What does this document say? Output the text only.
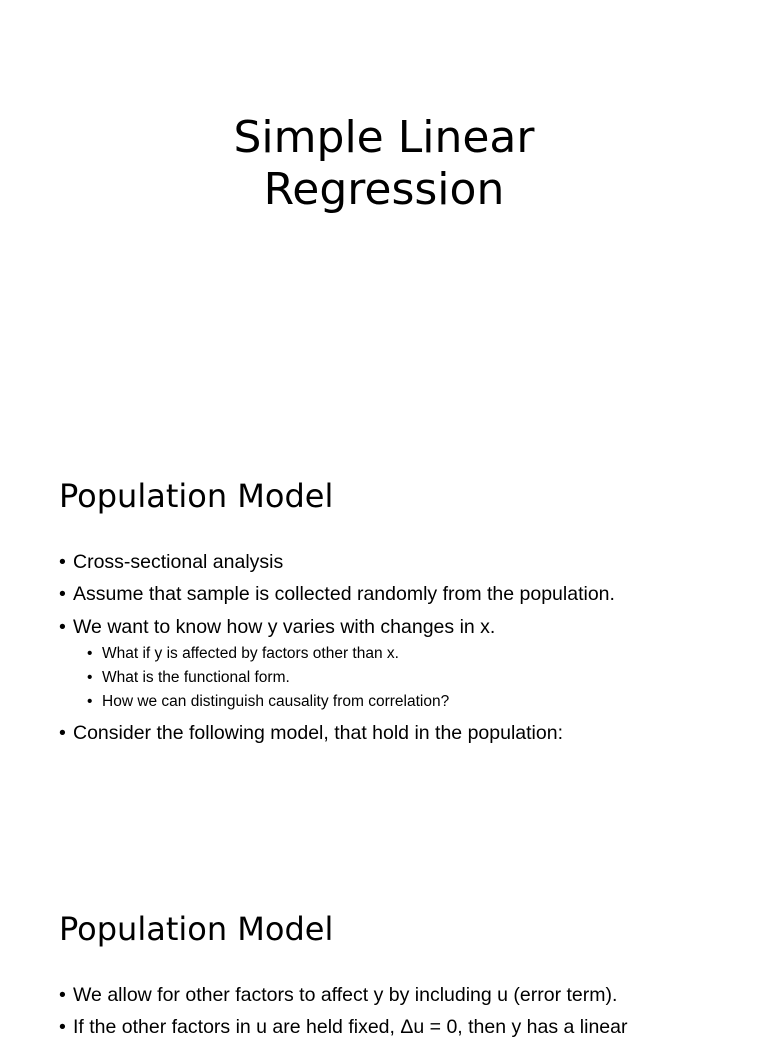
Simple Linear
Regression
Population Model
• Cross-sectional analysis
• Assume that sample is collected randomly from the population.
• We want to know how y varies with changes in x.
• What if y is affected by factors other than x.
• What is the functional form.
• How we can distinguish causality from correlation?
• Consider the following model, that hold in the population:
Population Model
• We allow for other factors to affect y by including u (error term).
• If the other factors in u are held fixed, Δu = 0, then y has a linear
